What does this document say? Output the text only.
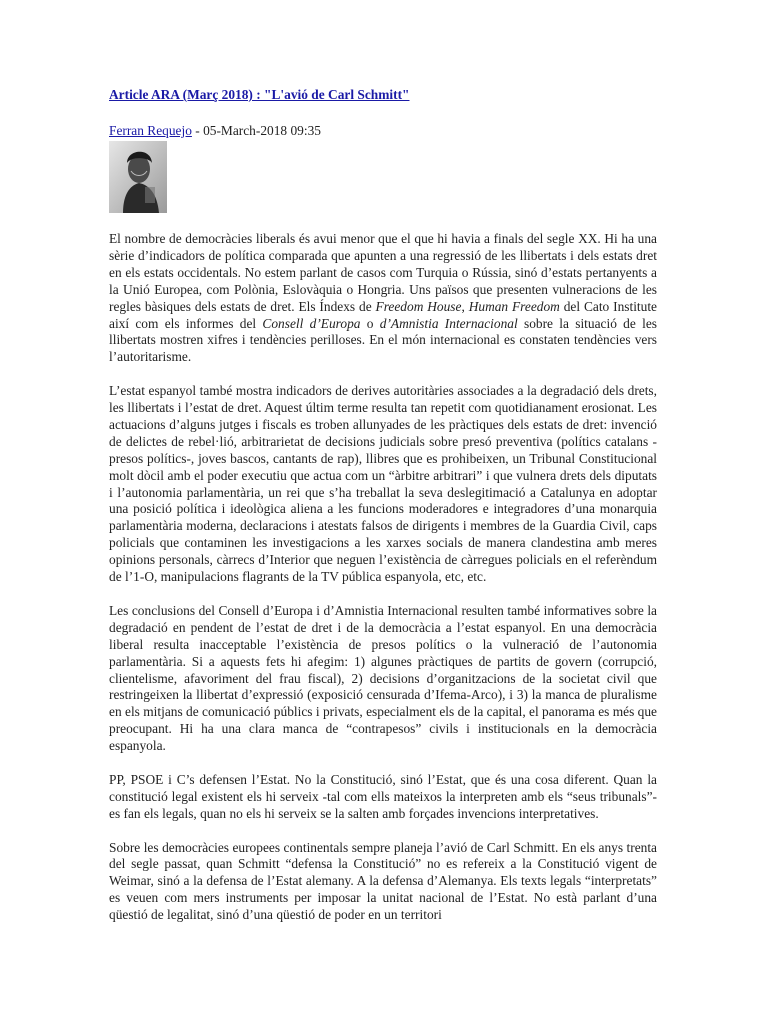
Article ARA (Març 2018) : "L'avió de Carl Schmitt"
Ferran Requejo - 05-March-2018 09:35

El nombre de democràcies liberals és avui menor que el que hi havia a finals del segle XX. Hi ha una sèrie d’indicadors de política comparada que apunten a una regressió de les llibertats i dels estats dret en els estats occidentals. No estem parlant de casos com Turquia o Rússia, sinó d’estats pertanyents a la Unió Europea, com Polònia, Eslovàquia o Hongria. Uns països que presenten vulneracions de les regles bàsiques dels estats de dret. Els Índexs de Freedom House, Human Freedom del Cato Institute així com els informes del Consell d’Europa o d’Amnistia Internacional sobre la situació de les llibertats mostren xifres i tendències perilloses. En el món internacional es constaten tendències vers l’autoritarisme.

L’estat espanyol també mostra indicadors de derives autoritàries associades a la degradació dels drets, les llibertats i l’estat de dret. Aquest últim terme resulta tan repetit com quotidianament erosionat. Les actuacions d’alguns jutges i fiscals es troben allunyades de les pràctiques dels estats de dret: invenció de delictes de rebel·lió, arbitrarietat de decisions judicials sobre presó preventiva (polítics catalans -presos polítics-, joves bascos, cantants de rap), llibres que es prohibeixen, un Tribunal Constitucional molt dòcil amb el poder executiu que actua com un “àrbitre arbitrari” i que vulnera drets dels diputats i l’autonomia parlamentària, un rei que s’ha treballat la seva deslegitimació a Catalunya en adoptar una posició política i ideològica aliena a les funcions moderadores e integradores d’una monarquia parlamentària moderna, declaracions i atestats falsos de dirigents i membres de la Guardia Civil, caps policials que contaminen les investigacions a les xarxes socials de manera clandestina amb meres opinions personals, càrrecs d’Interior que neguen l’existència de càrregues policials en el referèndum de l’1-O, manipulacions flagrants de la TV pública espanyola, etc, etc.

Les conclusions del Consell d’Europa i d’Amnistia Internacional resulten també informatives sobre la degradació en pendent de l’estat de dret i de la democràcia a l’estat espanyol. En una democràcia liberal resulta inacceptable l’existència de presos polítics o la vulneració de l’autonomia parlamentària. Si a aquests fets hi afegim: 1) algunes pràctiques de partits de govern (corrupció, clientelisme, afavoriment del frau fiscal), 2) decisions d’organitzacions de la societat civil que restringeixen la llibertat d’expressió (exposició censurada d’Ifema-Arco), i 3) la manca de pluralisme en els mitjans de comunicació públics i privats, especialment els de la capital, el panorama es més que preocupant. Hi ha una clara manca de “contrapesos” civils i institucionals en la democràcia espanyola.

PP, PSOE i C’s defensen l’Estat. No la Constitució, sinó l’Estat, que és una cosa diferent. Quan la constitució legal existent els hi serveix -tal com ells mateixos la interpreten amb els “seus tribunals”- es fan els legals, quan no els hi serveix se la salten amb forçades invencions interpretatives.

Sobre les democràcies europees continentals sempre planeja l’avió de Carl Schmitt. En els anys trenta del segle passat, quan Schmitt “defensa la Constitució” no es refereix a la Constitució vigent de Weimar, sinó a la defensa de l’Estat alemany. A la defensa d’Alemanya. Els texts legals “interpretats” es veuen com mers instruments per imposar la unitat nacional de l’Estat. No està parlant d’una qüestió de legalitat, sinó d’una qüestió de poder en un territori
